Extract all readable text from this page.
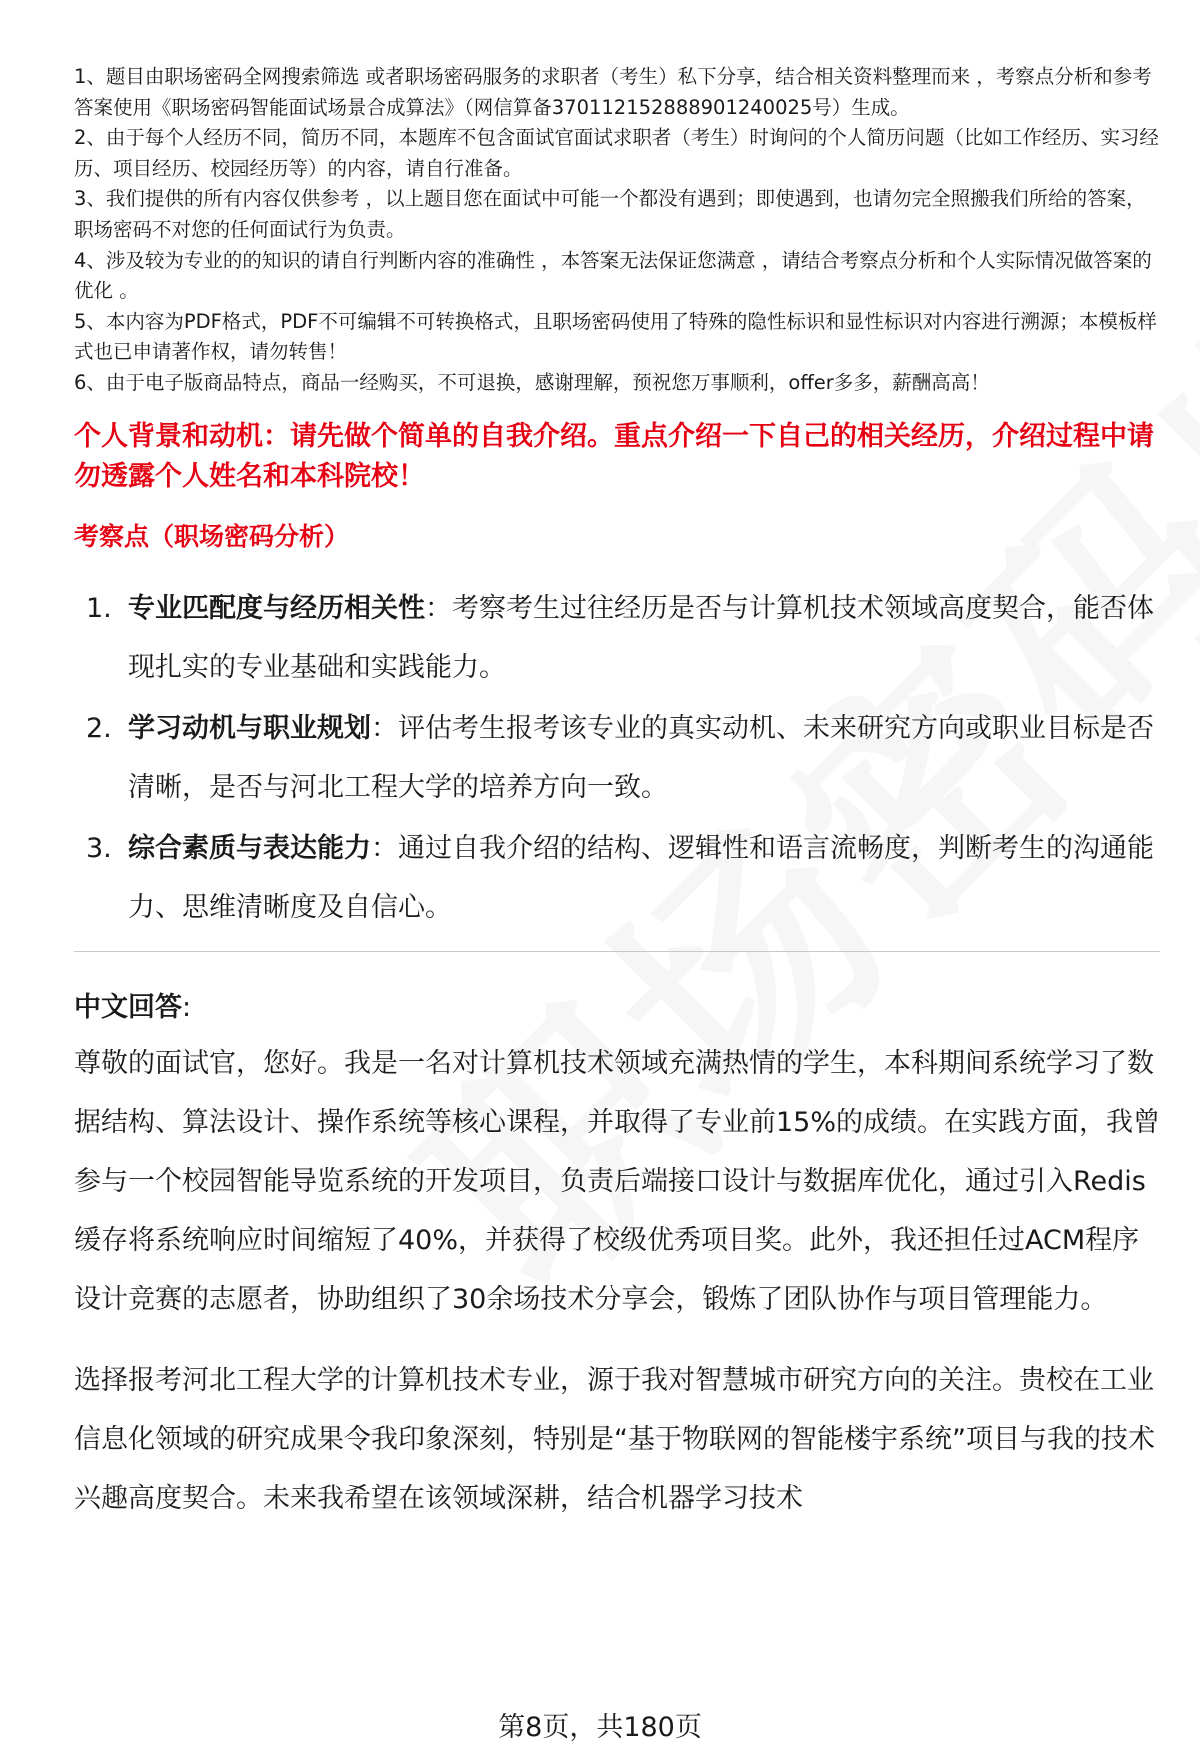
1、题目由职场密码全网搜索筛选 或者职场密码服务的求职者（考生）私下分享，结合相关资料整理而来 ，考察点分析和参考答案使用《职场密码智能面试场景合成算法》（网信算备370112152888901240025号）生成。

2、由于每个人经历不同，简历不同，本题库不包含面试官面试求职者（考生）时询问的个人简历问题（比如工作经历、实习经历、项目经历、校园经历等）的内容，请自行准备。

3、我们提供的所有内容仅供参考 ，以上题目您在面试中可能一个都没有遇到；即使遇到，也请勿完全照搬我们所给的答案，职场密码不对您的任何面试行为负责。

4、涉及较为专业的的知识的请自行判断内容的准确性 ，本答案无法保证您满意 ，请结合考察点分析和个人实际情况做答案的优化 。

5、本内容为PDF格式，PDF不可编辑不可转换格式，且职场密码使用了特殊的隐性标识和显性标识对内容进行溯源；本模板样式也已申请著作权，请勿转售！

6、由于电子版商品特点，商品一经购买，不可退换，感谢理解，预祝您万事顺利，offer多多，薪酬高高！

个人背景和动机：请先做个简单的自我介绍。重点介绍一下自己的相关经历，介绍过程中请勿透露个人姓名和本科院校！
考察点（职场密码分析）
1. 专业匹配度与经历相关性：考察考生过往经历是否与计算机技术领域高度契合，能否体现扎实的专业基础和实践能力。
2. 学习动机与职业规划：评估考生报考该专业的真实动机、未来研究方向或职业目标是否清晰，是否与河北工程大学的培养方向一致。
3. 综合素质与表达能力：通过自我介绍的结构、逻辑性和语言流畅度，判断考生的沟通能力、思维清晰度及自信心。
中文回答:

尊敬的面试官，您好。我是一名对计算机技术领域充满热情的学生，本科期间系统学习了数据结构、算法设计、操作系统等核心课程，并取得了专业前15%的成绩。在实践方面，我曾参与一个校园智能导览系统的开发项目，负责后端接口设计与数据库优化，通过引入Redis缓存将系统响应时间缩短了40%，并获得了校级优秀项目奖。此外，我还担任过ACM程序设计竞赛的志愿者，协助组织了30余场技术分享会，锻炼了团队协作与项目管理能力。

选择报考河北工程大学的计算机技术专业，源于我对智慧城市研究方向的关注。贵校在工业信息化领域的研究成果令我印象深刻，特别是“基于物联网的智能楼宇系统”项目与我的技术兴趣高度契合。未来我希望在该领域深耕，结合机器学习技术

第8页，共180页
